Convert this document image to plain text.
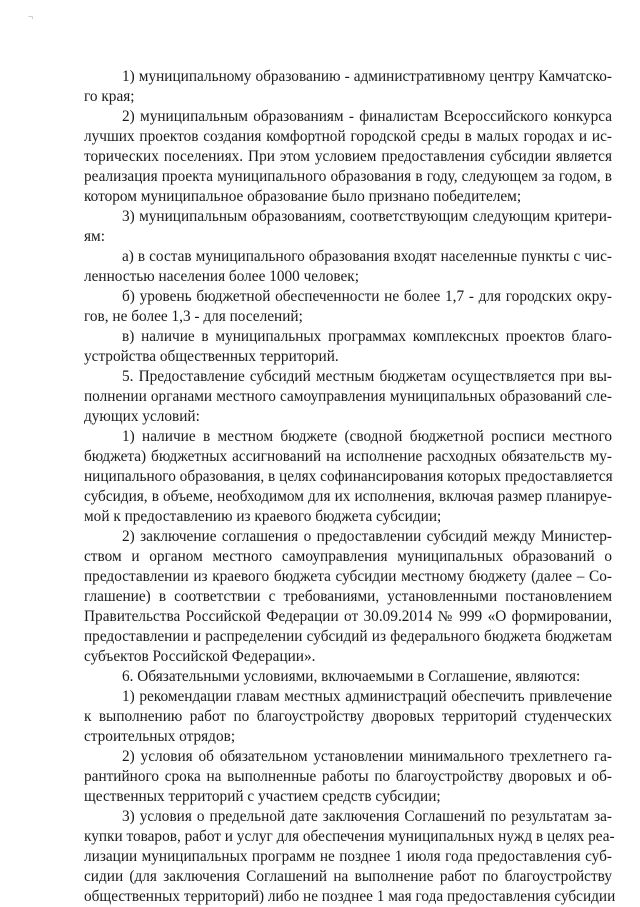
¬
1) муниципальному образованию - административному центру Камчатско-
го края;
2) муниципальным образованиям - финалистам Всероссийского конкурса
лучших проектов создания комфортной городской среды в малых городах и ис-
торических поселениях. При этом условием предоставления субсидии является
реализация проекта муниципального образования в году, следующем за годом, в
котором муниципальное образование было признано победителем;
3) муниципальным образованиям, соответствующим следующим критери-
ям:
а) в состав муниципального образования входят населенные пункты с чис-
ленностью населения более 1000 человек;
б) уровень бюджетной обеспеченности не более 1,7 - для городских окру-
гов, не более 1,3 - для поселений;
в) наличие в муниципальных программах комплексных проектов благо-
устройства общественных территорий.
5. Предоставление субсидий местным бюджетам осуществляется при вы-
полнении органами местного самоуправления муниципальных образований сле-
дующих условий:
1) наличие в местном бюджете (сводной бюджетной росписи местного
бюджета) бюджетных ассигнований на исполнение расходных обязательств му-
ниципального образования, в целях софинансирования которых предоставляется
субсидия, в объеме, необходимом для их исполнения, включая размер планируе-
мой к предоставлению из краевого бюджета субсидии;
2) заключение соглашения о предоставлении субсидий между Министер-
ством и органом местного самоуправления муниципальных образований о
предоставлении из краевого бюджета субсидии местному бюджету (далее – Со-
глашение) в соответствии с требованиями, установленными постановлением
Правительства Российской Федерации от 30.09.2014 № 999 «О формировании,
предоставлении и распределении субсидий из федерального бюджета бюджетам
субъектов Российской Федерации».
6. Обязательными условиями, включаемыми в Соглашение, являются:
1) рекомендации главам местных администраций обеспечить привлечение
к выполнению работ по благоустройству дворовых территорий студенческих
строительных отрядов;
2) условия об обязательном установлении минимального трехлетнего га-
рантийного срока на выполненные работы по благоустройству дворовых и об-
щественных территорий с участием средств субсидии;
3) условия о предельной дате заключения Соглашений по результатам за-
купки товаров, работ и услуг для обеспечения муниципальных нужд в целях реа-
лизации муниципальных программ не позднее 1 июля года предоставления суб-
сидии (для заключения Соглашений на выполнение работ по благоустройству
общественных территорий) либо не позднее 1 мая года предоставления субсидии
